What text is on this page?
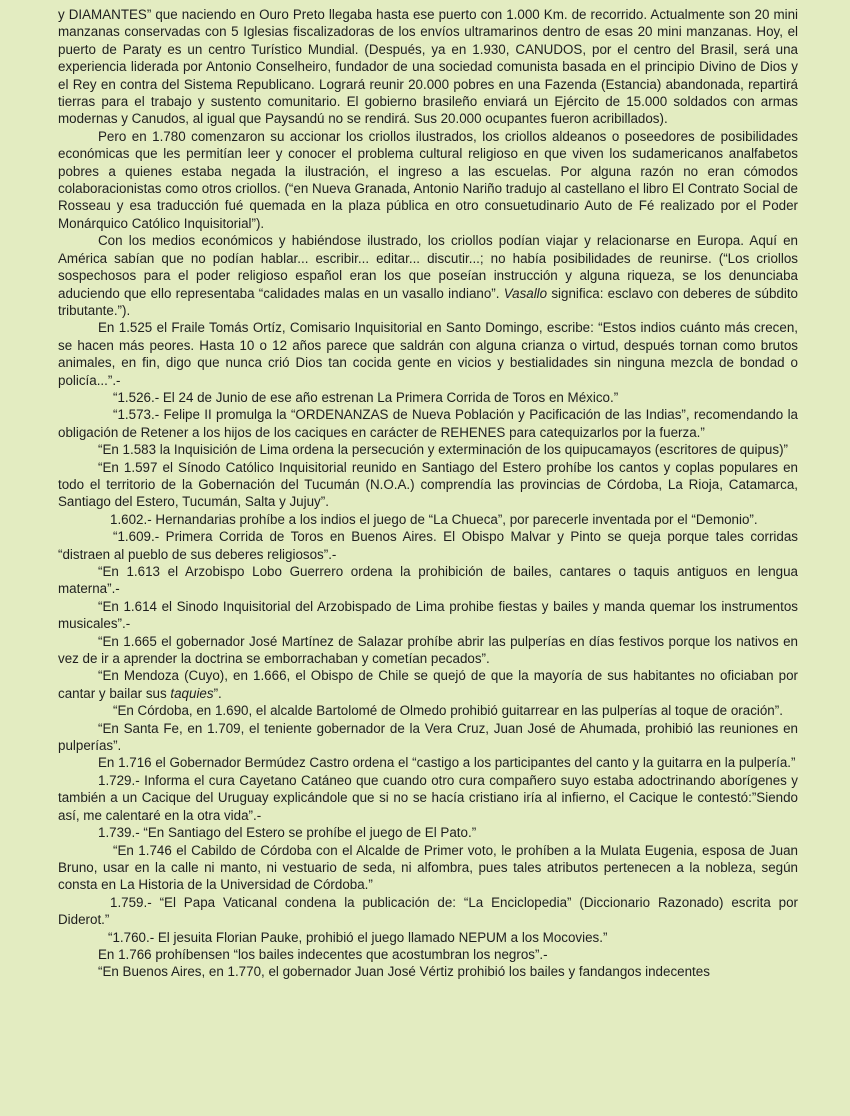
y DIAMANTES” que naciendo en Ouro Preto llegaba hasta ese puerto con 1.000 Km. de recorrido. Actualmente son 20 mini manzanas conservadas con 5 Iglesias fiscalizadoras de los envíos ultramarinos dentro de esas 20 mini manzanas. Hoy, el puerto de Paraty es un centro Turístico Mundial. (Después, ya en 1.930, CANUDOS, por el centro del Brasil, será una experiencia liderada por Antonio Conselheiro, fundador de una sociedad comunista basada en el principio Divino de Dios y el Rey en contra del Sistema Republicano. Logrará reunir 20.000 pobres en una Fazenda (Estancia) abandonada, repartirá tierras para el trabajo y sustento comunitario. El gobierno brasileño enviará un Ejército de 15.000 soldados con armas modernas y Canudos, al igual que Paysandú no se rendirá. Sus 20.000 ocupantes fueron acribillados).

Pero en 1.780 comenzaron su accionar los criollos ilustrados, los criollos aldeanos o poseedores de posibilidades económicas que les permitían leer y conocer el problema cultural religioso en que viven los sudamericanos analfabetos pobres a quienes estaba negada la ilustración, el ingreso a las escuelas. Por alguna razón no eran cómodos colaboracionistas como otros criollos. (“en Nueva Granada, Antonio Nariño tradujo al castellano el libro El Contrato Social de Rosseau y esa traducción fué quemada en la plaza pública en otro consuetudinario Auto de Fé realizado por el Poder Monárquico Católico Inquisitorial”).

Con los medios económicos y habiéndose ilustrado, los criollos podían viajar y relacionarse en Europa. Aquí en América sabían que no podían hablar... escribir... editar... discutir...; no había posibilidades de reunirse. (“Los criollos sospechosos para el poder religioso español eran los que poseían instrucción y alguna riqueza, se los denunciaba aduciendo que ello representaba “calidades malas en un vasallo indiano”. Vasallo significa: esclavo con deberes de súbdito tributante.”).

En 1.525 el Fraile Tomás Ortíz, Comisario Inquisitorial en Santo Domingo, escribe: “Estos indios cuánto más crecen, se hacen más peores. Hasta 10 o 12 años parece que saldrán con alguna crianza o virtud, después tornan como brutos animales, en fin, digo que nunca crió Dios tan cocida gente en vicios y bestialidades sin ninguna mezcla de bondad o policía...”.-

“1.526.- El 24 de Junio de ese año estrenan La Primera Corrida de Toros en México.”

“1.573.- Felipe II promulga la “ORDENANZAS de Nueva Población y Pacificación de las Indias”, recomendando la obligación de Retener a los hijos de los caciques en carácter de REHENES para catequizarlos por la fuerza.”

“En 1.583 la Inquisición de Lima ordena la persecución y exterminación de los quipucamayos (escritores de quipus)”

“En 1.597 el Sínodo Católico Inquisitorial reunido en Santiago del Estero prohíbe los cantos y coplas populares en todo el territorio de la Gobernación del Tucumán (N.O.A.) comprendía las provincias de Córdoba, La Rioja, Catamarca, Santiago del Estero, Tucumán, Salta y Jujuy”.

1.602.- Hernandarias prohíbe a los indios el juego de “La Chueca”, por parecerle inventada por el “Demonio”.

“1.609.- Primera Corrida de Toros en Buenos Aires. El Obispo Malvar y Pinto se queja porque tales corridas “distraen al pueblo de sus deberes religiosos”.-

“En 1.613 el Arzobispo Lobo Guerrero ordena la prohibición de bailes, cantares o taquis antiguos en lengua materna”.-

“En 1.614 el Sinodo Inquisitorial del Arzobispado de Lima prohibe fiestas y bailes y manda quemar los instrumentos musicales”.-

“En 1.665 el gobernador José Martínez de Salazar prohíbe abrir las pulperías en días festivos porque los nativos en vez de ir a aprender la doctrina se emborrachaban y cometían pecados”.

“En Mendoza (Cuyo), en 1.666, el Obispo de Chile se quejó de que la mayoría de sus habitantes no oficiaban por cantar y bailar sus taquies”.

“En Córdoba, en 1.690, el alcalde Bartolomé de Olmedo prohibió guitarrear en las pulperías al toque de oración”.

“En Santa Fe, en 1.709, el teniente gobernador de la Vera Cruz, Juan José de Ahumada, prohibió las reuniones en pulperías”.

En 1.716 el Gobernador Bermúdez Castro ordena el “castigo a los participantes del canto y la guitarra en la pulpería.”

1.729.- Informa el cura Cayetano Catáneo que cuando otro cura compañero suyo estaba adoctrinando aborígenes y también a un Cacique del Uruguay explicándole que si no se hacía cristiano iría al infierno, el Cacique le contestó:”Siendo así, me calentaré en la otra vida”.-

1.739.- “En Santiago del Estero se prohíbe el juego de El Pato.”

“En 1.746 el Cabildo de Córdoba con el Alcalde de Primer voto, le prohíben a la Mulata Eugenia, esposa de Juan Bruno, usar en la calle ni manto, ni vestuario de seda, ni alfombra, pues tales atributos pertenecen a la nobleza, según consta en La Historia de la Universidad de Córdoba.”

1.759.- “El Papa Vaticanal condena la publicación de: “La Enciclopedia” (Diccionario Razonado) escrita por Diderot.”

“1.760.- El jesuita Florian Pauke, prohibió el juego llamado NEPUM a los Mocovies.”

En 1.766 prohíbensen “los bailes indecentes que acostumbran los negros”.-

“En Buenos Aires, en 1.770, el gobernador Juan José Vértiz prohibió los bailes y fandangos indecentes
